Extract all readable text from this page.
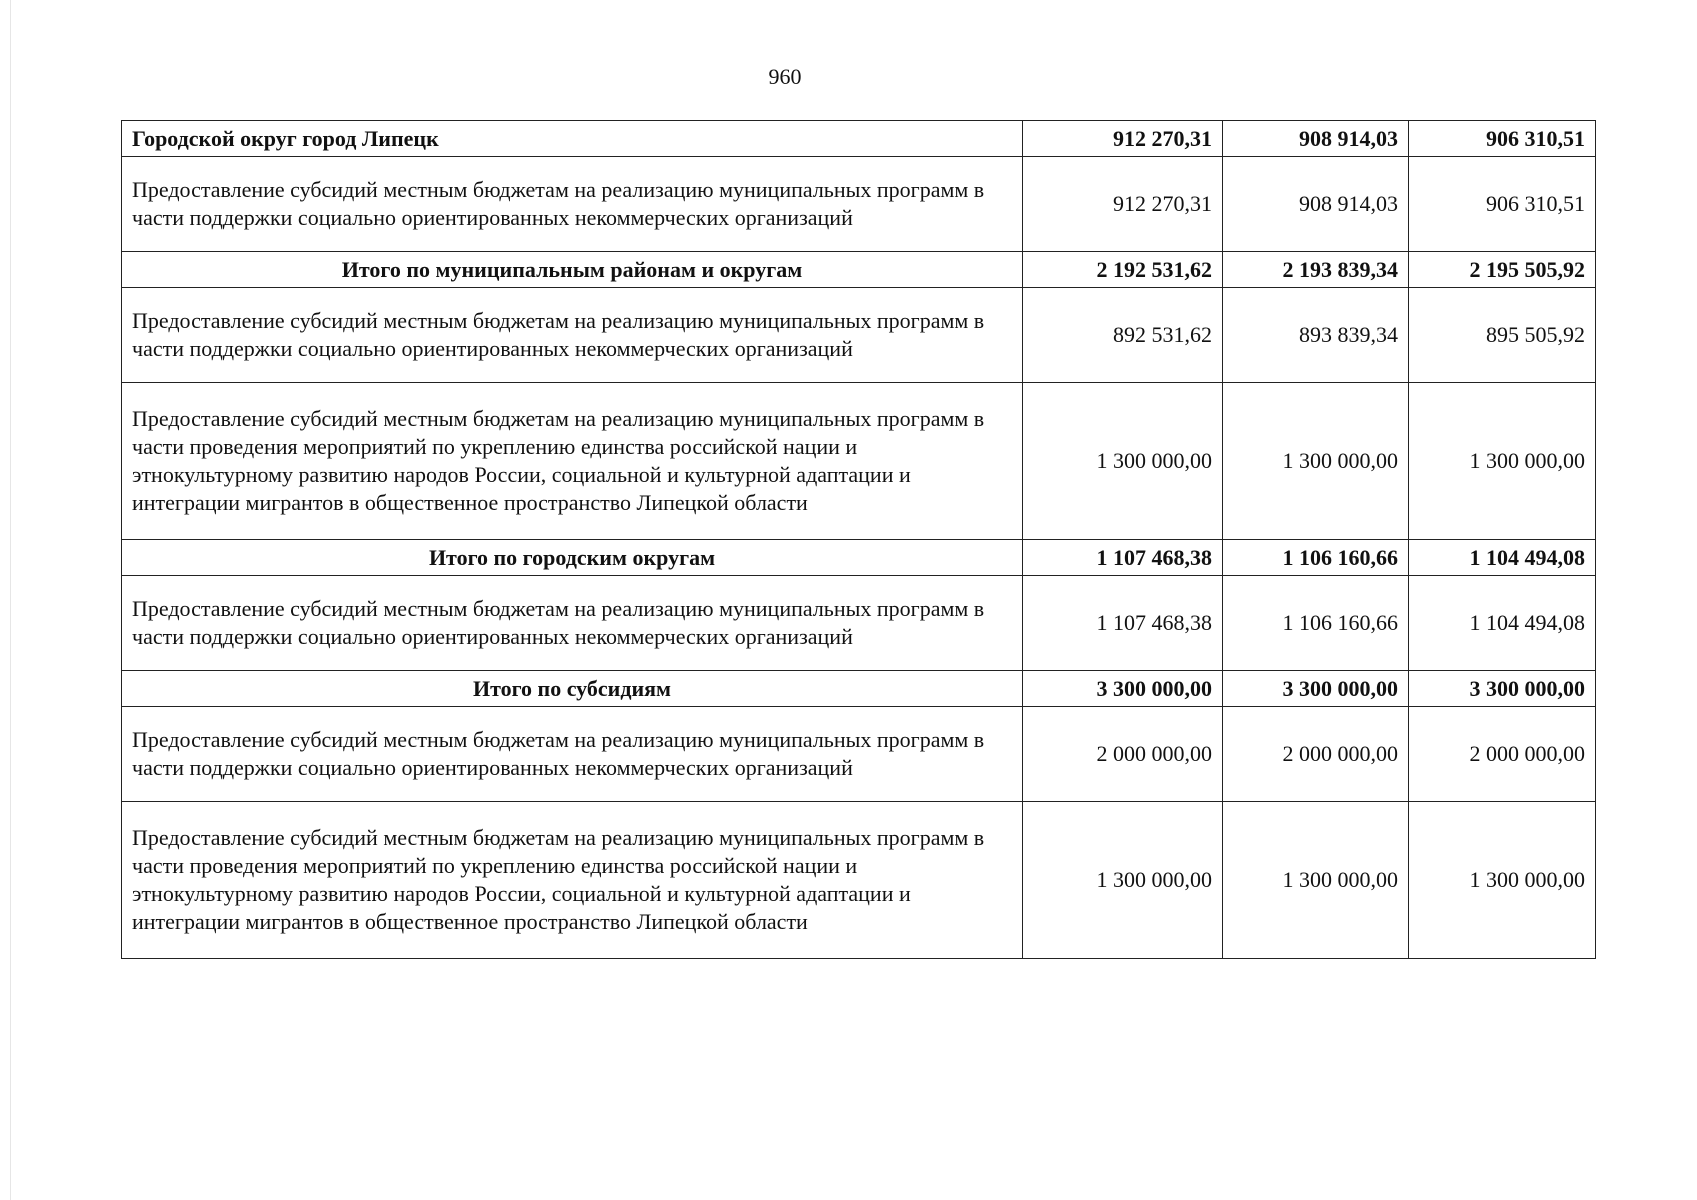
960
Городской округ город Липецк	912 270,31	908 914,03	906 310,51
Предоставление субсидий местным бюджетам на реализацию муниципальных программ в части поддержки социально ориентированных некоммерческих организаций	912 270,31	908 914,03	906 310,51
Итого по муниципальным районам и округам	2 192 531,62	2 193 839,34	2 195 505,92
Предоставление субсидий местным бюджетам на реализацию муниципальных программ в части поддержки социально ориентированных некоммерческих организаций	892 531,62	893 839,34	895 505,92
Предоставление субсидий местным бюджетам на реализацию муниципальных программ в части проведения мероприятий по укреплению единства российской нации и этнокультурному развитию народов России, социальной и культурной адаптации и интеграции мигрантов в общественное пространство Липецкой области	1 300 000,00	1 300 000,00	1 300 000,00
Итого по городским округам	1 107 468,38	1 106 160,66	1 104 494,08
Предоставление субсидий местным бюджетам на реализацию муниципальных программ в части поддержки социально ориентированных некоммерческих организаций	1 107 468,38	1 106 160,66	1 104 494,08
Итого по субсидиям	3 300 000,00	3 300 000,00	3 300 000,00
Предоставление субсидий местным бюджетам на реализацию муниципальных программ в части поддержки социально ориентированных некоммерческих организаций	2 000 000,00	2 000 000,00	2 000 000,00
Предоставление субсидий местным бюджетам на реализацию муниципальных программ в части проведения мероприятий по укреплению единства российской нации и этнокультурному развитию народов России, социальной и культурной адаптации и интеграции мигрантов в общественное пространство Липецкой области	1 300 000,00	1 300 000,00	1 300 000,00
